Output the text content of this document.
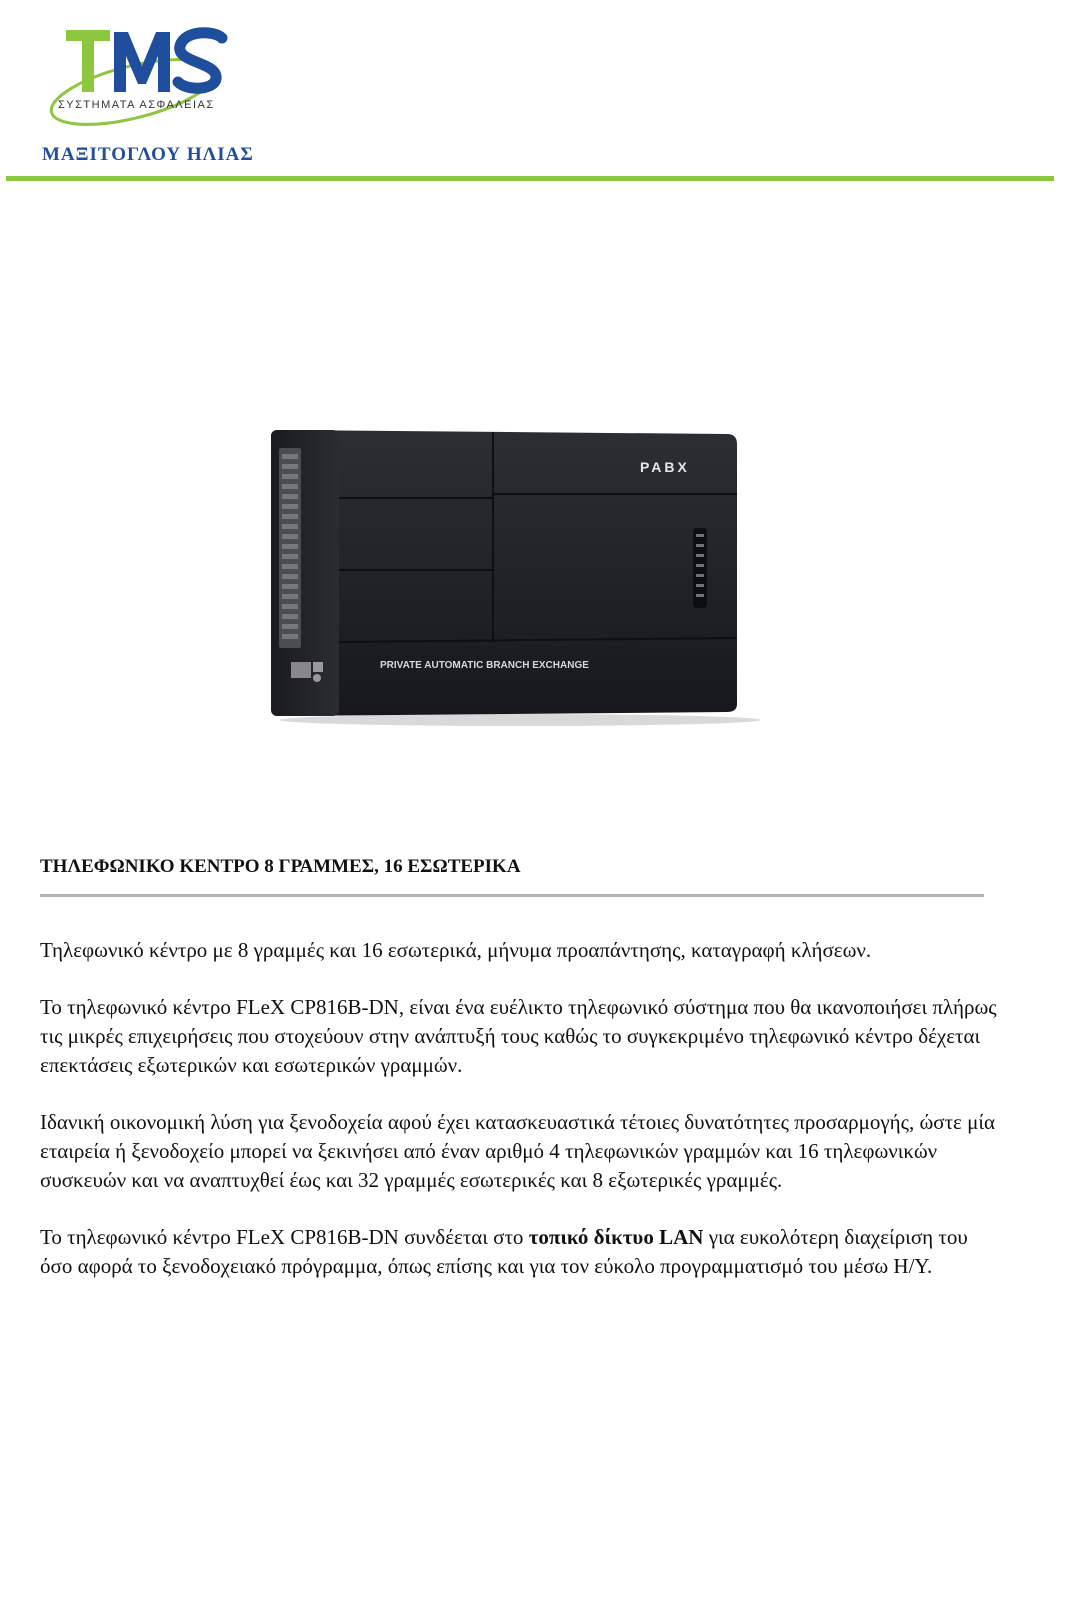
ΣΥΣΤΗΜΑΤΑ ΑΣΦΑΛΕΙΑΣ
ΜΑΞΙΤΟΓΛΟΥ ΗΛΙΑΣ
PABX
PRIVATE AUTOMATIC BRANCH EXCHANGE
ΤΗΛΕΦΩΝΙΚΟ ΚΕΝΤΡΟ 8 ΓΡΑΜΜΕΣ, 16 ΕΣΩΤΕΡΙΚΑ

Τηλεφωνικό κέντρο με 8 γραμμές και 16 εσωτερικά, μήνυμα προαπάντησης, καταγραφή κλήσεων.

Το τηλεφωνικό κέντρο FLeX CP816B-DN, είναι ένα ευέλικτο τηλεφωνικό σύστημα που θα ικανοποιήσει πλήρως τις μικρές επιχειρήσεις που στοχεύουν στην ανάπτυξή τους καθώς το συγκεκριμένο τηλεφωνικό κέντρο δέχεται επεκτάσεις εξωτερικών και εσωτερικών γραμμών.

Ιδανική οικονομική λύση για ξενοδοχεία αφού έχει κατασκευαστικά τέτοιες δυνατότητες προσαρμογής, ώστε μία εταιρεία ή ξενοδοχείο μπορεί να ξεκινήσει από έναν αριθμό 4 τηλεφωνικών γραμμών και 16 τηλεφωνικών συσκευών και να αναπτυχθεί έως και 32 γραμμές εσωτερικές και 8 εξωτερικές γραμμές.

Το τηλεφωνικό κέντρο FLeX CP816B-DN συνδέεται στο τοπικό δίκτυο LAN για ευκολότερη διαχείριση του όσο αφορά το ξενοδοχειακό πρόγραμμα, όπως επίσης και για τον εύκολο προγραμματισμό του μέσω Η/Υ.
